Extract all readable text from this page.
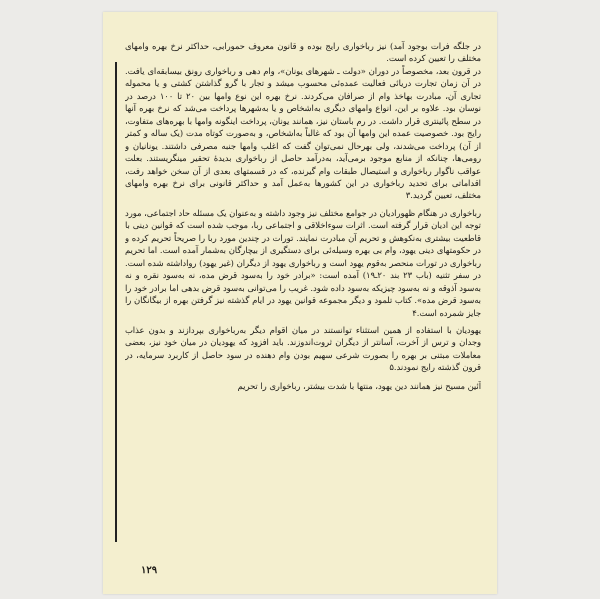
در جلگه فرات بوجود آمد) نیز رباخواری رایج بوده و قانون معروف حمورابی، حداکثر نرخ بهره وامهای مختلف را تعیین کرده است.

در قرون بعد، مخصوصاً در دوران «دولت ـ شهرهای یونان»، وام دهی و رباخواری رونق بیسابقه‌ای یافت. در آن زمان تجارت دریائی فعالیت عمده‌ئی محسوب میشد و تجار با گرو گذاشتن کشتی و یا محموله تجاری آن، مبادرت بهاخذ وام از صرافان می‌کردند. نرخ بهره این نوع وامها بین ۲۰ تا ۱۰۰ درصد در نوسان بود. علاوه بر این، انواع وامهای دیگری به‌اشخاص و یا به‌شهرها پرداخت می‌شد که نرخ بهره آنها در سطح پائینتری قرار داشت. در رم باستان نیز، همانند یونان، پرداخت اینگونه وامها با بهره‌های متفاوت، رایج بود. خصوصیت عمده این وامها آن بود که غالباً به‌اشخاص، و به‌صورت کوتاه مدت (یک ساله و کمتر از آن) پرداخت می‌شدند، ولی بهرحال نمی‌توان گفت که اغلب وامها جنبه مصرفی داشتند. یونانیان و رومی‌ها، چنانکه از منابع موجود برمی‌آید، به‌درآمد حاصل از رباخواری بدیدۀ تحقیر مینگریستند. بعلت عواقب ناگوار رباخواری و استیصال طبقات وام گیرنده، که در قسمتهای بعدی از آن سخن خواهد رفت، اقداماتی برای تحدید رباخواری در این کشورها به‌عمل آمد و حداکثر قانونی برای نرخ بهره وامهای مختلف، تعیین گردید.۳

رباخواری در هنگام ظهورادیان در جوامع مختلف نیز وجود داشته و به‌عنوان یک مسئله حاد اجتماعی، مورد توجه این ادیان قرار گرفته است. اثرات سوءاخلاقی و اجتماعی ربا، موجب شده است که قوانین دینی با قاطعیت بیشتری به‌نکوهش و تحریم آن مبادرت نمایند. تورات در چندین مورد ربا را صریحاً تحریم کرده و در حکومتهای دینی یهود، وام بی بهره وسیله‌ئی برای دستگیری از بیچارگان به‌شمار آمده است. اما تحریم رباخواری در تورات منحصر به‌قوم یهود است و رباخواری یهود از دیگران (غیر یهود) رواداشته شده است. در سفر تثنیه (باب ۲۳ بند ۲۰ـ۱۹) آمده است: «برادر خود را به‌سود قرض مده، نه به‌سود نقره و نه به‌سود آذوقه و نه به‌سود چیزیکه به‌سود داده شود. غریب را می‌توانی به‌سود قرض بدهی اما برادر خود را به‌سود قرض مده». کتاب تلمود و دیگر مجموعه قوانین یهود در ایام گذشته نیز گرفتن بهره از بیگانگان را جایز شمرده است.۴

یهودیان با استفاده از همین استثناء توانستند در میان اقوام دیگر به‌رباخواری بپردازند و بدون عذاب وجدان و ترس از آخرت، آسانتر از دیگران ثروت‌اندوزند. باید افزود که یهودیان در میان خود نیز، بعضی معاملات مبتنی بر بهره را بصورت شرعی سهیم بودن وام دهنده در سود حاصل از کاربرد سرمایه، در قرون گذشته رایج نمودند.۵

آئین مسیح نیز همانند دین یهود، منتها با شدت بیشتر، رباخواری را تحریم

۱۲۹
